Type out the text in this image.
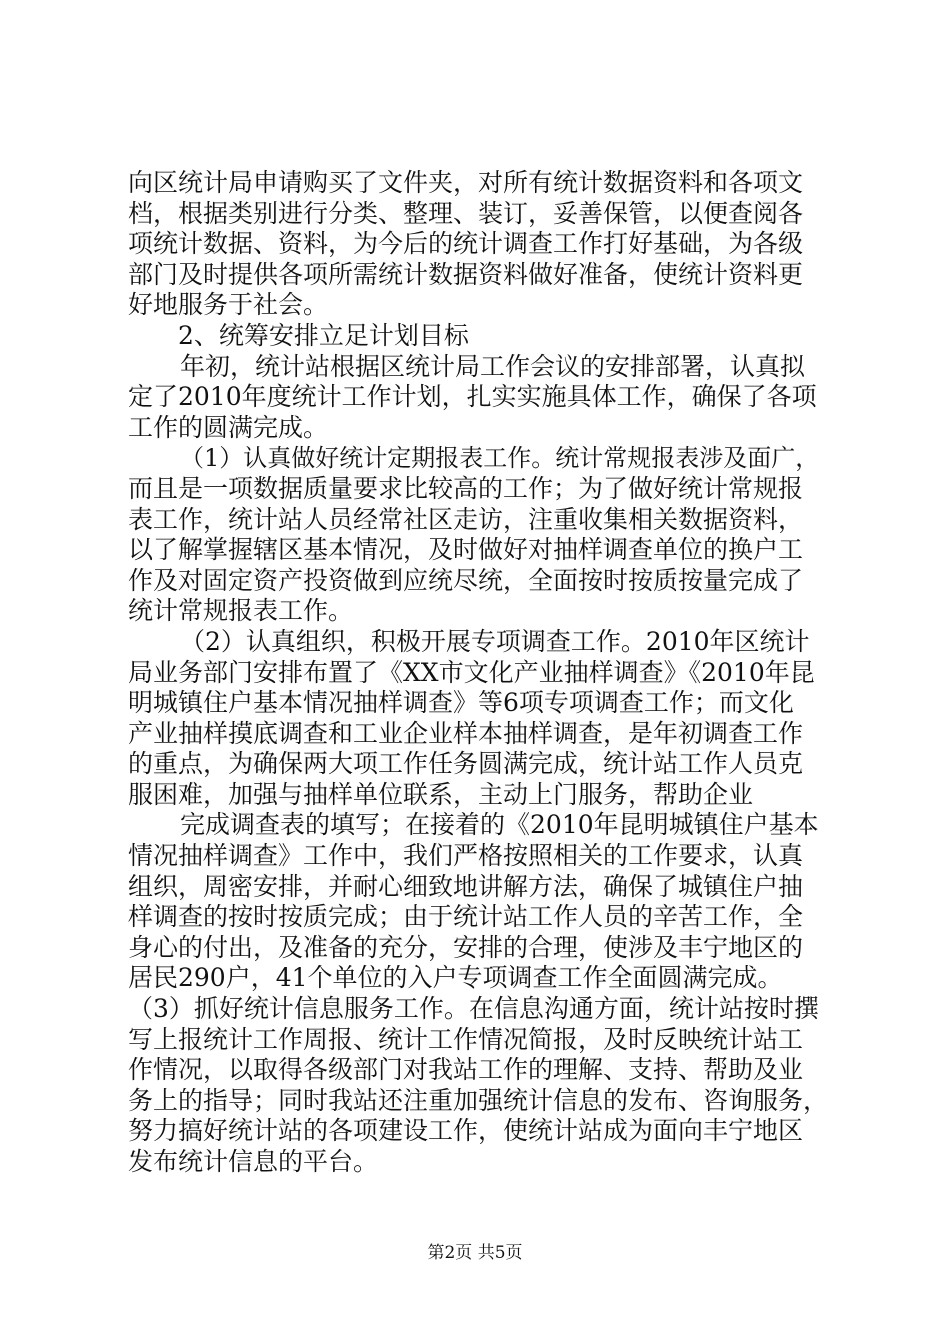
向区统计局申请购买了文件夹，对所有统计数据资料和各项文
档，根据类别进行分类、整理、装订，妥善保管，以便查阅各
项统计数据、资料，为今后的统计调查工作打好基础，为各级
部门及时提供各项所需统计数据资料做好准备，使统计资料更
好地服务于社会。
2、统筹安排立足计划目标
年初，统计站根据区统计局工作会议的安排部署，认真拟
定了2010年度统计工作计划，扎实实施具体工作，确保了各项
工作的圆满完成。
（1）认真做好统计定期报表工作。统计常规报表涉及面广，
而且是一项数据质量要求比较高的工作；为了做好统计常规报
表工作，统计站人员经常社区走访，注重收集相关数据资料，
以了解掌握辖区基本情况，及时做好对抽样调查单位的换户工
作及对固定资产投资做到应统尽统，全面按时按质按量完成了
统计常规报表工作。
（2）认真组织，积极开展专项调查工作。2010年区统计
局业务部门安排布置了《XX市文化产业抽样调查》《2010年昆
明城镇住户基本情况抽样调查》等6项专项调查工作；而文化
产业抽样摸底调查和工业企业样本抽样调查，是年初调查工作
的重点，为确保两大项工作任务圆满完成，统计站工作人员克
服困难，加强与抽样单位联系，主动上门服务，帮助企业
完成调查表的填写；在接着的《2010年昆明城镇住户基本
情况抽样调查》工作中，我们严格按照相关的工作要求，认真
组织，周密安排，并耐心细致地讲解方法，确保了城镇住户抽
样调查的按时按质完成；由于统计站工作人员的辛苦工作，全
身心的付出，及准备的充分，安排的合理，使涉及丰宁地区的
居民290户，41个单位的入户专项调查工作全面圆满完成。
（3）抓好统计信息服务工作。在信息沟通方面，统计站按时撰
写上报统计工作周报、统计工作情况简报，及时反映统计站工
作情况，以取得各级部门对我站工作的理解、支持、帮助及业
务上的指导；同时我站还注重加强统计信息的发布、咨询服务，
努力搞好统计站的各项建设工作，使统计站成为面向丰宁地区
发布统计信息的平台。
第2页 共5页
